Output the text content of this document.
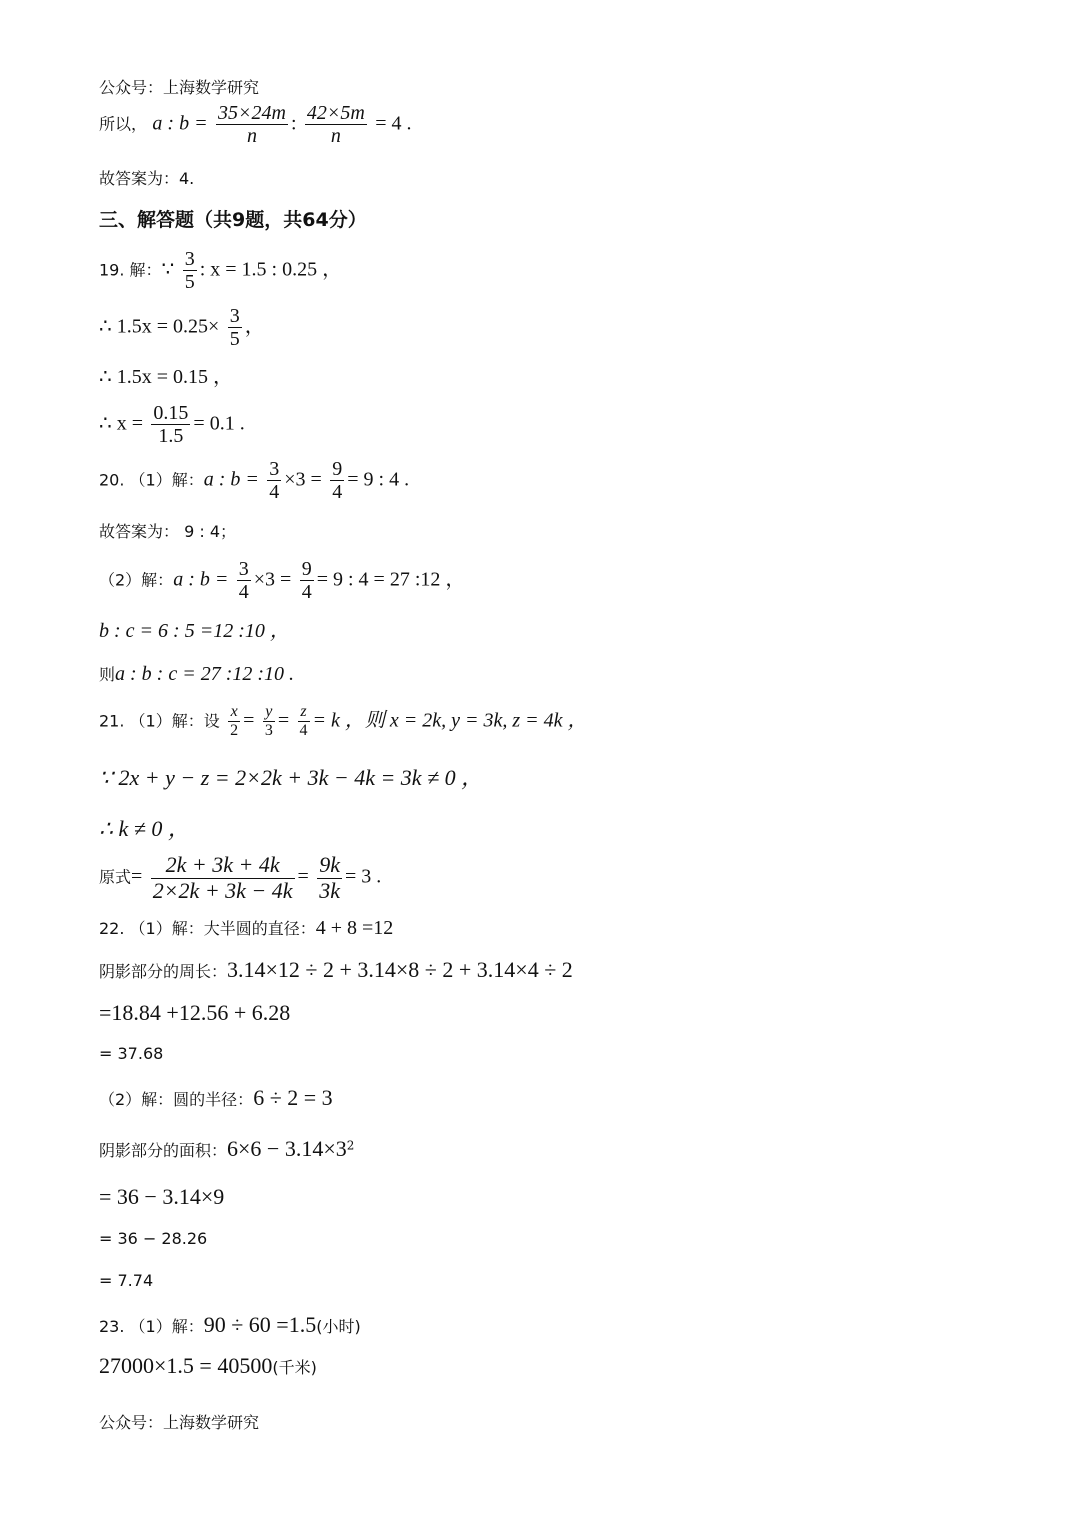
公众号：上海数学研究
所以， a : $b = \frac{35\times 24m}{n}$ : $\frac{42\times 5m}{n} = 4$ .
故答案为：4.
三、解答题（共9题，共64分）
19. 解：∵ $\frac{3}{5}$ : x = 1.5 : 0.25 ，
∴ $1.5x = 0.25\times \frac{3}{5}$ ，
∴ 1.5x = 0.15 ，
∴ $x = \frac{0.15}{1.5} = 0.1$ .
20. （1）解：a : $b = \frac{3}{4} \times 3 = \frac{9}{4} = 9$ : 4 .
故答案为： 9 : 4；
（2）解：a : $b = \frac{3}{4} \times 3 = \frac{9}{4} = 9$ : 4 = 27 :12 ，
b : c = 6 : 5 =12 :10 ，
则a : b : c = 27 :12 :10 .
21. （1）解：设 $\frac{x}{2} = \frac{y}{3} = \frac{z}{4} = k$ ，则 x = 2k, y = 3k, z = 4k ，
∵ 2x + y − z = 2×2k + 3k − 4k = 3k ≠ 0 ，
∴ k ≠ 0 ，
原式= $\frac{2k + 3k + 4k}{2\times 2k + 3k - 4k} = \frac{9k}{3k} = 3$ .
22. （1）解：大半圆的直径：4 + 8 =12
阴影部分的周长：3.14×12 ÷ 2 + 3.14×8 ÷ 2 + 3.14×4 ÷ 2
=18.84 +12.56 + 6.28
= 37.68
（2）解：圆的半径：6 ÷ 2 = 3
阴影部分的面积：$6\times 6 - 3.14\times 3^2$
= 36 − 3.14×9
= 36 − 28.26
= 7.74
23. （1）解：90 ÷ 60 =1.5(小时)
27000×1.5 = 40500(千米)
公众号：上海数学研究
